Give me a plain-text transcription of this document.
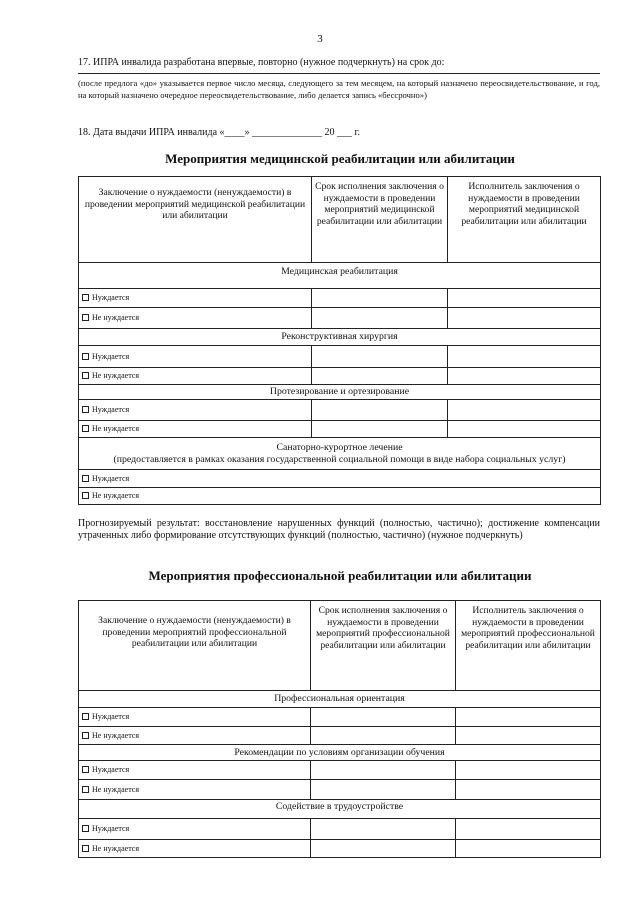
3
17. ИПРА инвалида разработана впервые, повторно (нужное подчеркнуть) на срок до:
(после предлога «до» указывается первое число месяца, следующего за тем месяцем, на который назначено переосвидетельствование, и год, на который назначено очередное переосвидетельствование, либо делается запись «бессрочно»)
18. Дата выдачи ИПРА инвалида «____» ______________ 20 ___ г.
Мероприятия медицинской реабилитации или абилитации
Заключение о нуждаемости (ненуждаемости) в проведении мероприятий медицинской реабилитации или абилитации	Срок исполнения заключения о нуждаемости в проведении мероприятий медицинской реабилитации или абилитации	Исполнитель заключения о нуждаемости в проведении мероприятий медицинской реабилитации или абилитации
Медицинская реабилитация		
Нуждается		
Не нуждается		
Реконструктивная хирургия		
Нуждается		
Не нуждается		
Протезирование и ортезирование		
Нуждается		
Не нуждается		

Санаторно-курортное лечение
(предоставляется в рамках оказания государственной социальной помощи в виде набора социальных услуг)		

Нуждается		
Не нуждается		
Прогнозируемый результат: восстановление нарушенных функций (полностью, частично); достижение компенсации утраченных либо формирование отсутствующих функций (полностью, частично) (нужное подчеркнуть)
Мероприятия профессиональной реабилитации или абилитации
Заключение о нуждаемости (ненуждаемости) в проведении мероприятий профессиональной реабилитации или абилитации	Срок исполнения заключения о нуждаемости в проведении мероприятий профессиональной реабилитации или абилитации	Исполнитель заключения о нуждаемости в проведении мероприятий профессиональной реабилитации или абилитации
Профессиональная ориентация		
Нуждается		
Не нуждается		
Рекомендации по условиям организации обучения		
Нуждается		
Не нуждается		
Содействие в трудоустройстве		
Нуждается		
Не нуждается		
